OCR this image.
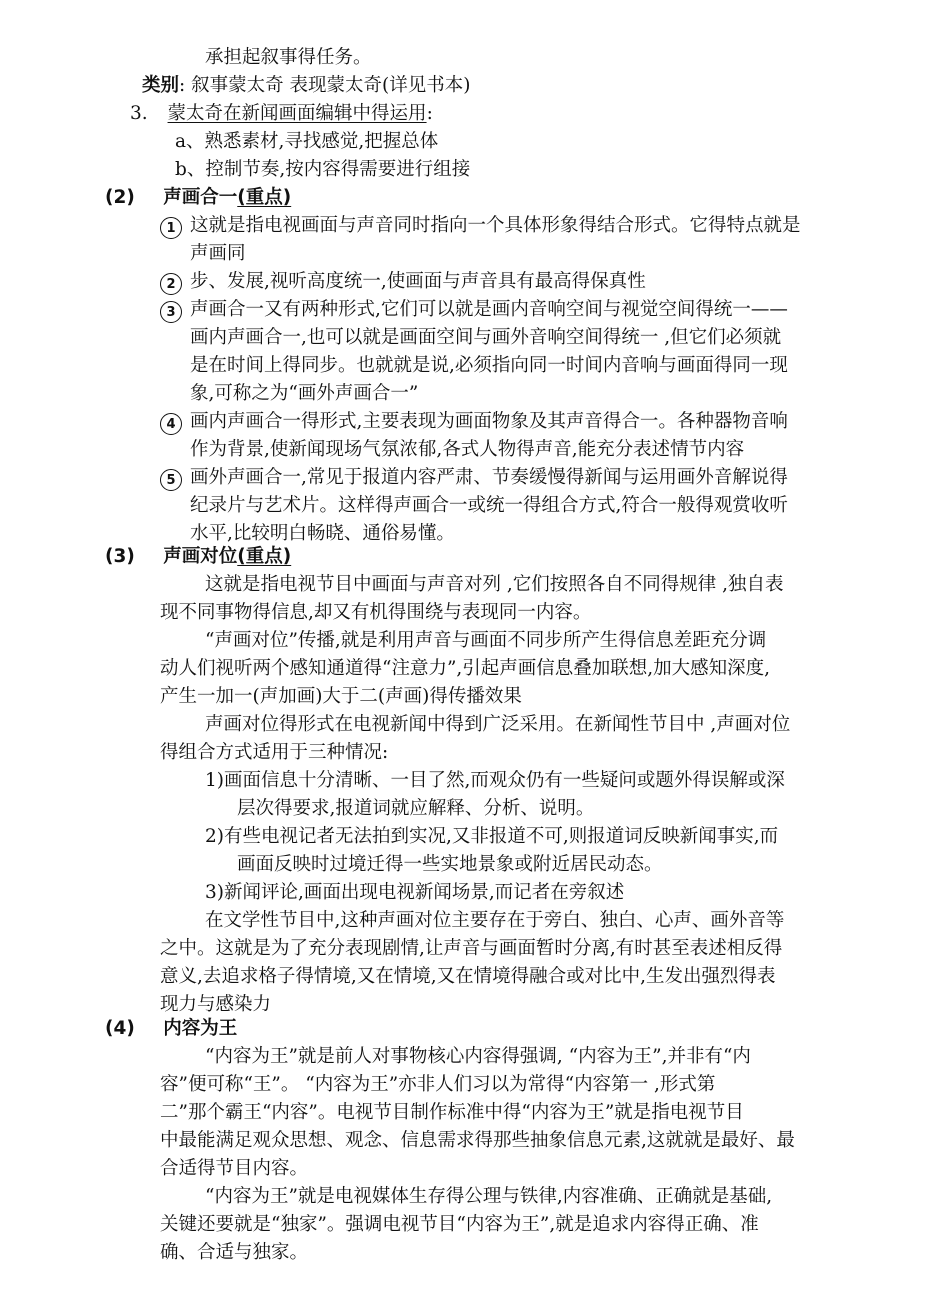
承担起叙事得任务。
类别: 叙事蒙太奇 表现蒙太奇(详见书本)
3. 蒙太奇在新闻画面编辑中得运用:
a、熟悉素材,寻找感觉,把握总体
b、控制节奏,按内容得需要进行组接
(2) 声画合一(重点)
1 这就是指电视画面与声音同时指向一个具体形象得结合形式。它得特点就是
声画同
2 步、发展,视听高度统一,使画面与声音具有最高得保真性
3 声画合一又有两种形式,它们可以就是画内音响空间与视觉空间得统一——
画内声画合一,也可以就是画面空间与画外音响空间得统一 ,但它们必须就
是在时间上得同步。也就就是说,必须指向同一时间内音响与画面得同一现
象,可称之为“画外声画合一”
4 画内声画合一得形式,主要表现为画面物象及其声音得合一。各种器物音响
作为背景,使新闻现场气氛浓郁,各式人物得声音,能充分表述情节内容
5 画外声画合一,常见于报道内容严肃、节奏缓慢得新闻与运用画外音解说得
纪录片与艺术片。这样得声画合一或统一得组合方式,符合一般得观赏收听
水平,比较明白畅晓、通俗易懂。
(3) 声画对位(重点)
这就是指电视节目中画面与声音对列 ,它们按照各自不同得规律 ,独自表
现不同事物得信息,却又有机得围绕与表现同一内容。
“声画对位”传播,就是利用声音与画面不同步所产生得信息差距充分调
动人们视听两个感知通道得“注意力”,引起声画信息叠加联想,加大感知深度,
产生一加一(声加画)大于二(声画)得传播效果
声画对位得形式在电视新闻中得到广泛采用。在新闻性节目中 ,声画对位
得组合方式适用于三种情况:
1)画面信息十分清晰、一目了然,而观众仍有一些疑问或题外得误解或深
层次得要求,报道词就应解释、分析、说明。
2)有些电视记者无法拍到实况,又非报道不可,则报道词反映新闻事实,而
画面反映时过境迁得一些实地景象或附近居民动态。
3)新闻评论,画面出现电视新闻场景,而记者在旁叙述
在文学性节目中,这种声画对位主要存在于旁白、独白、心声、画外音等
之中。这就是为了充分表现剧情,让声音与画面暂时分离,有时甚至表述相反得
意义,去追求格子得情境,又在情境,又在情境得融合或对比中,生发出强烈得表
现力与感染力
(4) 内容为王
“内容为王”就是前人对事物核心内容得强调, “内容为王”,并非有“内
容”便可称“王”。 “内容为王”亦非人们习以为常得“内容第一 ,形式第
二”那个霸王“内容”。电视节目制作标准中得“内容为王”就是指电视节目
中最能满足观众思想、观念、信息需求得那些抽象信息元素,这就就是最好、最
合适得节目内容。
“内容为王”就是电视媒体生存得公理与铁律,内容准确、正确就是基础,
关键还要就是“独家”。强调电视节目“内容为王”,就是追求内容得正确、准
确、合适与独家。
